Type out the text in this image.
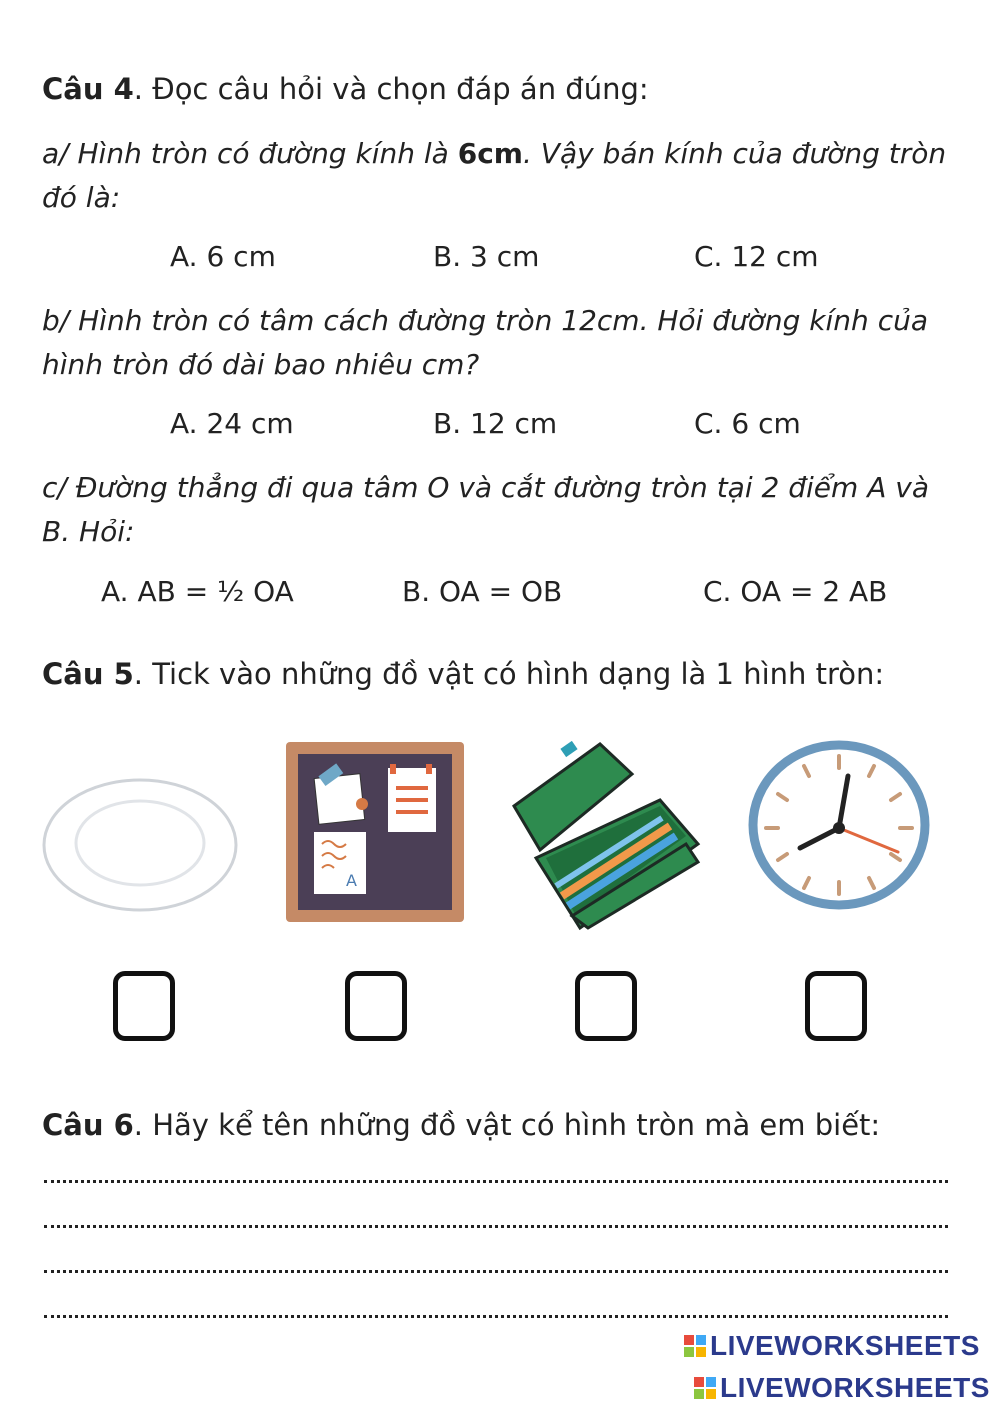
Câu 4. Đọc câu hỏi và chọn đáp án đúng:
a/ Hình tròn có đường kính là 6cm. Vậy bán kính của đường tròn đó là:
A. 6 cm	B. 3 cm	C. 12 cm
b/ Hình tròn có tâm cách đường tròn 12cm. Hỏi đường kính của hình tròn đó dài bao nhiêu cm?
A. 24 cm	B. 12 cm	C. 6 cm
c/ Đường thẳng đi qua tâm O và cắt đường tròn tại 2 điểm A và B. Hỏi:
A. AB = ½ OA	B. OA = OB	C. OA = 2 AB
Câu 5. Tick vào những đồ vật có hình dạng là 1 hình tròn:
A
Câu 6. Hãy kể tên những đồ vật có hình tròn mà em biết:
LIVEWORKSHEETS
LIVEWORKSHEETS
